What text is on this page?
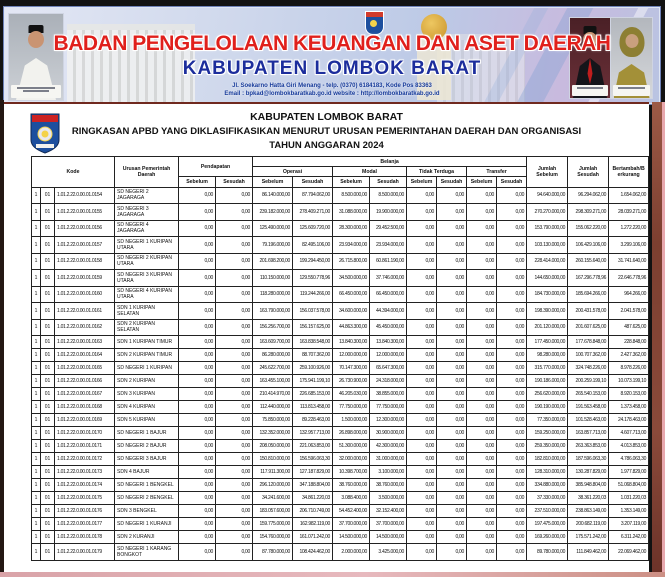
BADAN PENGELOLAAN KEUANGAN DAN ASET DAERAH
KABUPATEN LOMBOK BARAT
Jl. Soekarno Hatta Giri Menang - telp. (0370) 6184183, Kode Pos 83363
Email : bpkad@lombokbaratkab.go.id website : http://lombokbaratkab.go.id
KABUPATEN LOMBOK BARAT
RINGKASAN APBD YANG DIKLASIFIKASIKAN MENURUT URUSAN PEMERINTAHAN DAERAH DAN ORGANISASI
TAHUN ANGGARAN 2024
Kode			Urusan Pemerintah Daerah	Pendapatan		Belanja								Jumlah Sebelum	Jumlah Sesudah	Bertambah/Berkurang
						Operasi		Modal		Tidak Terduga		Transfer				
				Sebelum	Sesudah	Sebelum	Sesudah	Sebelum	Sesudah	Sebelum	Sesudah	Sebelum	Sesudah			
1	01	1.01.2.22.0.00.01.0154	SD NEGERI 2 JAGARAGA	0,00	0,00	86.140.000,00	87.794.062,00	8.500.000,00	8.500.000,00	0,00	0,00	0,00	0,00	94.640.000,00	96.294.062,00	1.654.062,00
1	01	1.01.2.22.0.00.01.0155	SD NEGERI 3 JAGARAGA	0,00	0,00	239.182.000,00	278.409.271,00	31.088.000,00	19.900.000,00	0,00	0,00	0,00	0,00	270.270.000,00	298.309.271,00	28.039.271,00
1	01	1.01.2.22.0.00.01.0156	SD NEGERI 4 JAGARAGA	0,00	0,00	125.490.000,00	125.609.720,00	28.300.000,00	29.452.500,00	0,00	0,00	0,00	0,00	153.790.000,00	155.062.220,00	1.272.220,00
1	01	1.01.2.22.0.00.01.0157	SD NEGERI 1 KURIPAN UTARA	0,00	0,00	79.196.000,00	82.495.106,00	23.934.000,00	23.934.000,00	0,00	0,00	0,00	0,00	103.130.000,00	106.429.106,00	3.299.106,00
1	01	1.01.2.22.0.00.01.0158	SD NEGERI 2 KURIPAN UTARA	0,00	0,00	201.698.200,00	199.294.450,00	26.715.800,00	60.861.190,00	0,00	0,00	0,00	0,00	228.414.000,00	260.155.640,00	31.741.640,00
1	01	1.01.2.22.0.00.01.0159	SD NEGERI 3 KURIPAN UTARA	0,00	0,00	110.150.000,00	129.550.778,96	34.500.000,00	37.746.000,00	0,00	0,00	0,00	0,00	144.650.000,00	167.296.778,96	22.646.778,96
1	01	1.01.2.22.0.00.01.0160	SD NEGERI 4 KURIPAN UTARA	0,00	0,00	118.280.000,00	119.244.266,00	66.450.000,00	66.450.000,00	0,00	0,00	0,00	0,00	184.730.000,00	185.694.266,00	964.266,00
1	01	1.01.2.22.0.00.01.0161	SDN 1 KURIPAN SELATAN	0,00	0,00	163.790.000,00	156.037.578,00	34.600.000,00	44.394.000,00	0,00	0,00	0,00	0,00	198.390.000,00	200.431.578,00	2.041.578,00
1	01	1.01.2.22.0.00.01.0162	SDN 2 KURIPAN SELATAN	0,00	0,00	156.256.700,00	156.157.625,00	44.863.300,00	45.450.000,00	0,00	0,00	0,00	0,00	201.120.000,00	201.607.625,00	487.625,00
1	01	1.01.2.22.0.00.01.0163	SDN 1 KURIPAN TIMUR	0,00	0,00	163.609.700,00	163.838.548,00	13.840.300,00	13.840.300,00	0,00	0,00	0,00	0,00	177.450.000,00	177.678.848,00	228.848,00
1	01	1.01.2.22.0.00.01.0164	SDN 2 KURIPAN TIMUR	0,00	0,00	86.280.000,00	88.707.362,00	12.000.000,00	12.000.000,00	0,00	0,00	0,00	0,00	98.280.000,00	100.707.362,00	2.427.362,00
1	01	1.01.2.22.0.00.01.0165	SD NEGERI 1 KURIPAN	0,00	0,00	245.622.700,00	259.100.926,00	70.147.300,00	65.647.300,00	0,00	0,00	0,00	0,00	315.770.000,00	324.748.226,00	8.978.226,00
1	01	1.01.2.22.0.00.01.0166	SDN 2 KURIPAN	0,00	0,00	163.455.100,00	175.941.199,10	26.730.900,00	24.318.000,00	0,00	0,00	0,00	0,00	190.186.000,00	200.259.199,10	10.073.199,10
1	01	1.01.2.22.0.00.01.0167	SDN 3 KURIPAN	0,00	0,00	210.414.970,00	226.685.153,00	46.205.030,00	38.855.000,00	0,00	0,00	0,00	0,00	256.620.000,00	265.540.153,00	8.920.153,00
1	01	1.01.2.22.0.00.01.0168	SDN 4 KURIPAN	0,00	0,00	112.440.000,00	113.813.458,00	77.750.000,00	77.750.000,00	0,00	0,00	0,00	0,00	190.190.000,00	191.563.458,00	1.373.458,00
1	01	1.01.2.22.0.00.01.0169	SDN 5 KURIPAN	0,00	0,00	75.850.000,00	89.228.463,00	1.500.000,00	12.300.000,00	0,00	0,00	0,00	0,00	77.350.000,00	101.528.463,00	24.178.463,00
1	01	1.01.2.22.0.00.01.0170	SD NEGERI 1 BAJUR	0,00	0,00	132.352.000,00	132.957.713,00	26.898.000,00	30.900.000,00	0,00	0,00	0,00	0,00	159.250.000,00	163.857.713,00	4.607.713,00
1	01	1.01.2.22.0.00.01.0171	SD NEGERI 2 BAJUR	0,00	0,00	208.050.000,00	221.063.853,00	51.300.000,00	42.300.000,00	0,00	0,00	0,00	0,00	259.350.000,00	263.363.853,00	4.013.853,00
1	01	1.01.2.22.0.00.01.0172	SD NEGERI 3 BAJUR	0,00	0,00	150.810.000,00	156.596.063,30	32.000.000,00	31.000.000,00	0,00	0,00	0,00	0,00	182.810.000,00	187.596.063,30	4.786.063,30
1	01	1.01.2.22.0.00.01.0173	SDN 4 BAJUR	0,00	0,00	117.911.300,00	127.187.829,00	10.398.700,00	3.100.000,00	0,00	0,00	0,00	0,00	128.310.000,00	130.287.829,00	1.977.829,00
1	01	1.01.2.22.0.00.01.0174	SD NEGERI 1 BENGKEL	0,00	0,00	296.120.000,00	347.188.804,00	38.760.000,00	38.760.000,00	0,00	0,00	0,00	0,00	334.880.000,00	385.948.804,00	51.068.804,00
1	01	1.01.2.22.0.00.01.0175	SD NEGERI 2 BENGKEL	0,00	0,00	34.241.600,00	34.861.220,03	3.088.400,00	3.500.000,00	0,00	0,00	0,00	0,00	37.330.000,00	38.361.220,03	1.031.220,03
1	01	1.01.2.22.0.00.01.0176	SDN 3 BENGKEL	0,00	0,00	183.057.600,00	206.710.749,00	54.452.400,00	32.152.400,00	0,00	0,00	0,00	0,00	237.510.000,00	238.863.149,00	1.353.149,00
1	01	1.01.2.22.0.00.01.0177	SD NEGERI 1 KURANJI	0,00	0,00	159.775.000,00	162.982.119,00	37.700.000,00	37.700.000,00	0,00	0,00	0,00	0,00	197.475.000,00	200.682.119,00	3.207.119,00
1	01	1.01.2.22.0.00.01.0178	SDN 2 KURANJI	0,00	0,00	154.760.000,00	161.071.242,00	14.500.000,00	14.500.000,00	0,00	0,00	0,00	0,00	169.260.000,00	175.571.242,00	6.311.242,00
1	01	1.01.2.22.0.00.01.0179	SD NEGERI 1 KARANG BONGKOT	0,00	0,00	87.780.000,00	108.424.462,00	2.000.000,00	3.425.000,00	0,00	0,00	0,00	0,00	89.780.000,00	111.849.462,00	22.069.462,00
